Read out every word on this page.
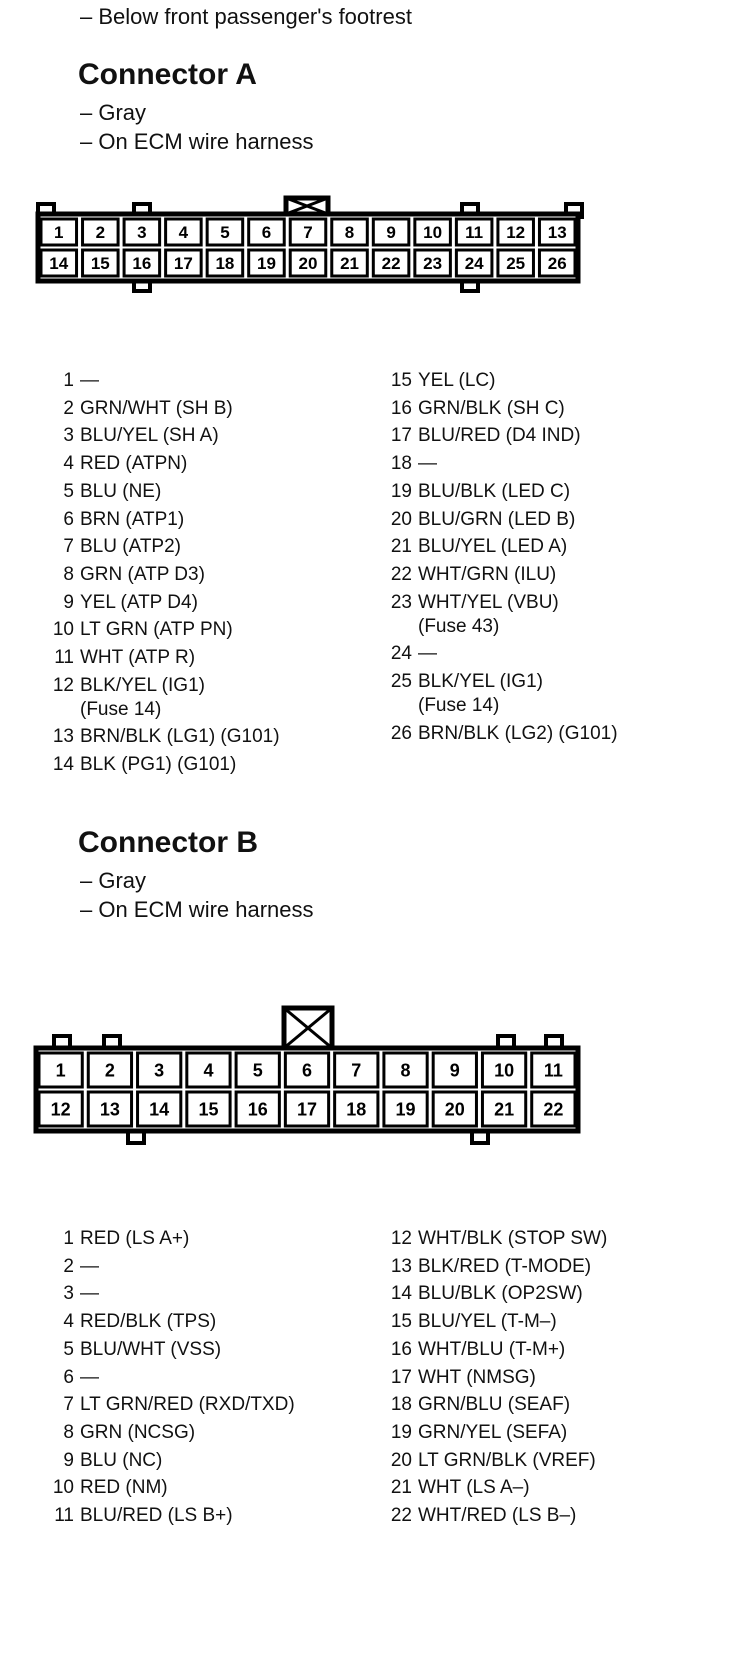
– Below front passenger's footrest
Connector A
– Gray
– On ECM wire harness
1 2 3 4 5 6 7 8 9 10 11 12 13
14 15 16 17 18 19 20 21 22 23 24 25 26
1 —
2 GRN/WHT (SH B)
3 BLU/YEL (SH A)
4 RED (ATPN)
5 BLU (NE)
6 BRN (ATP1)
7 BLU (ATP2)
8 GRN (ATP D3)
9 YEL (ATP D4)
10 LT GRN (ATP PN)
11 WHT (ATP R)
12 BLK/YEL (IG1)
(Fuse 14)
13 BRN/BLK (LG1) (G101)
14 BLK (PG1) (G101)
15 YEL (LC)
16 GRN/BLK (SH C)
17 BLU/RED (D4 IND)
18 —
19 BLU/BLK (LED C)
20 BLU/GRN (LED B)
21 BLU/YEL (LED A)
22 WHT/GRN (ILU)
23 WHT/YEL (VBU)
(Fuse 43)
24 —
25 BLK/YEL (IG1)
(Fuse 14)
26 BRN/BLK (LG2) (G101)
Connector B
– Gray
– On ECM wire harness
1 2 3 4 5 6 7 8 9 10 11
12 13 14 15 16 17 18 19 20 21 22
1 RED (LS A+)
2 —
3 —
4 RED/BLK (TPS)
5 BLU/WHT (VSS)
6 —
7 LT GRN/RED (RXD/TXD)
8 GRN (NCSG)
9 BLU (NC)
10 RED (NM)
11 BLU/RED (LS B+)
12 WHT/BLK (STOP SW)
13 BLK/RED (T-MODE)
14 BLU/BLK (OP2SW)
15 BLU/YEL (T-M–)
16 WHT/BLU (T-M+)
17 WHT (NMSG)
18 GRN/BLU (SEAF)
19 GRN/YEL (SEFA)
20 LT GRN/BLK (VREF)
21 WHT (LS A–)
22 WHT/RED (LS B–)
